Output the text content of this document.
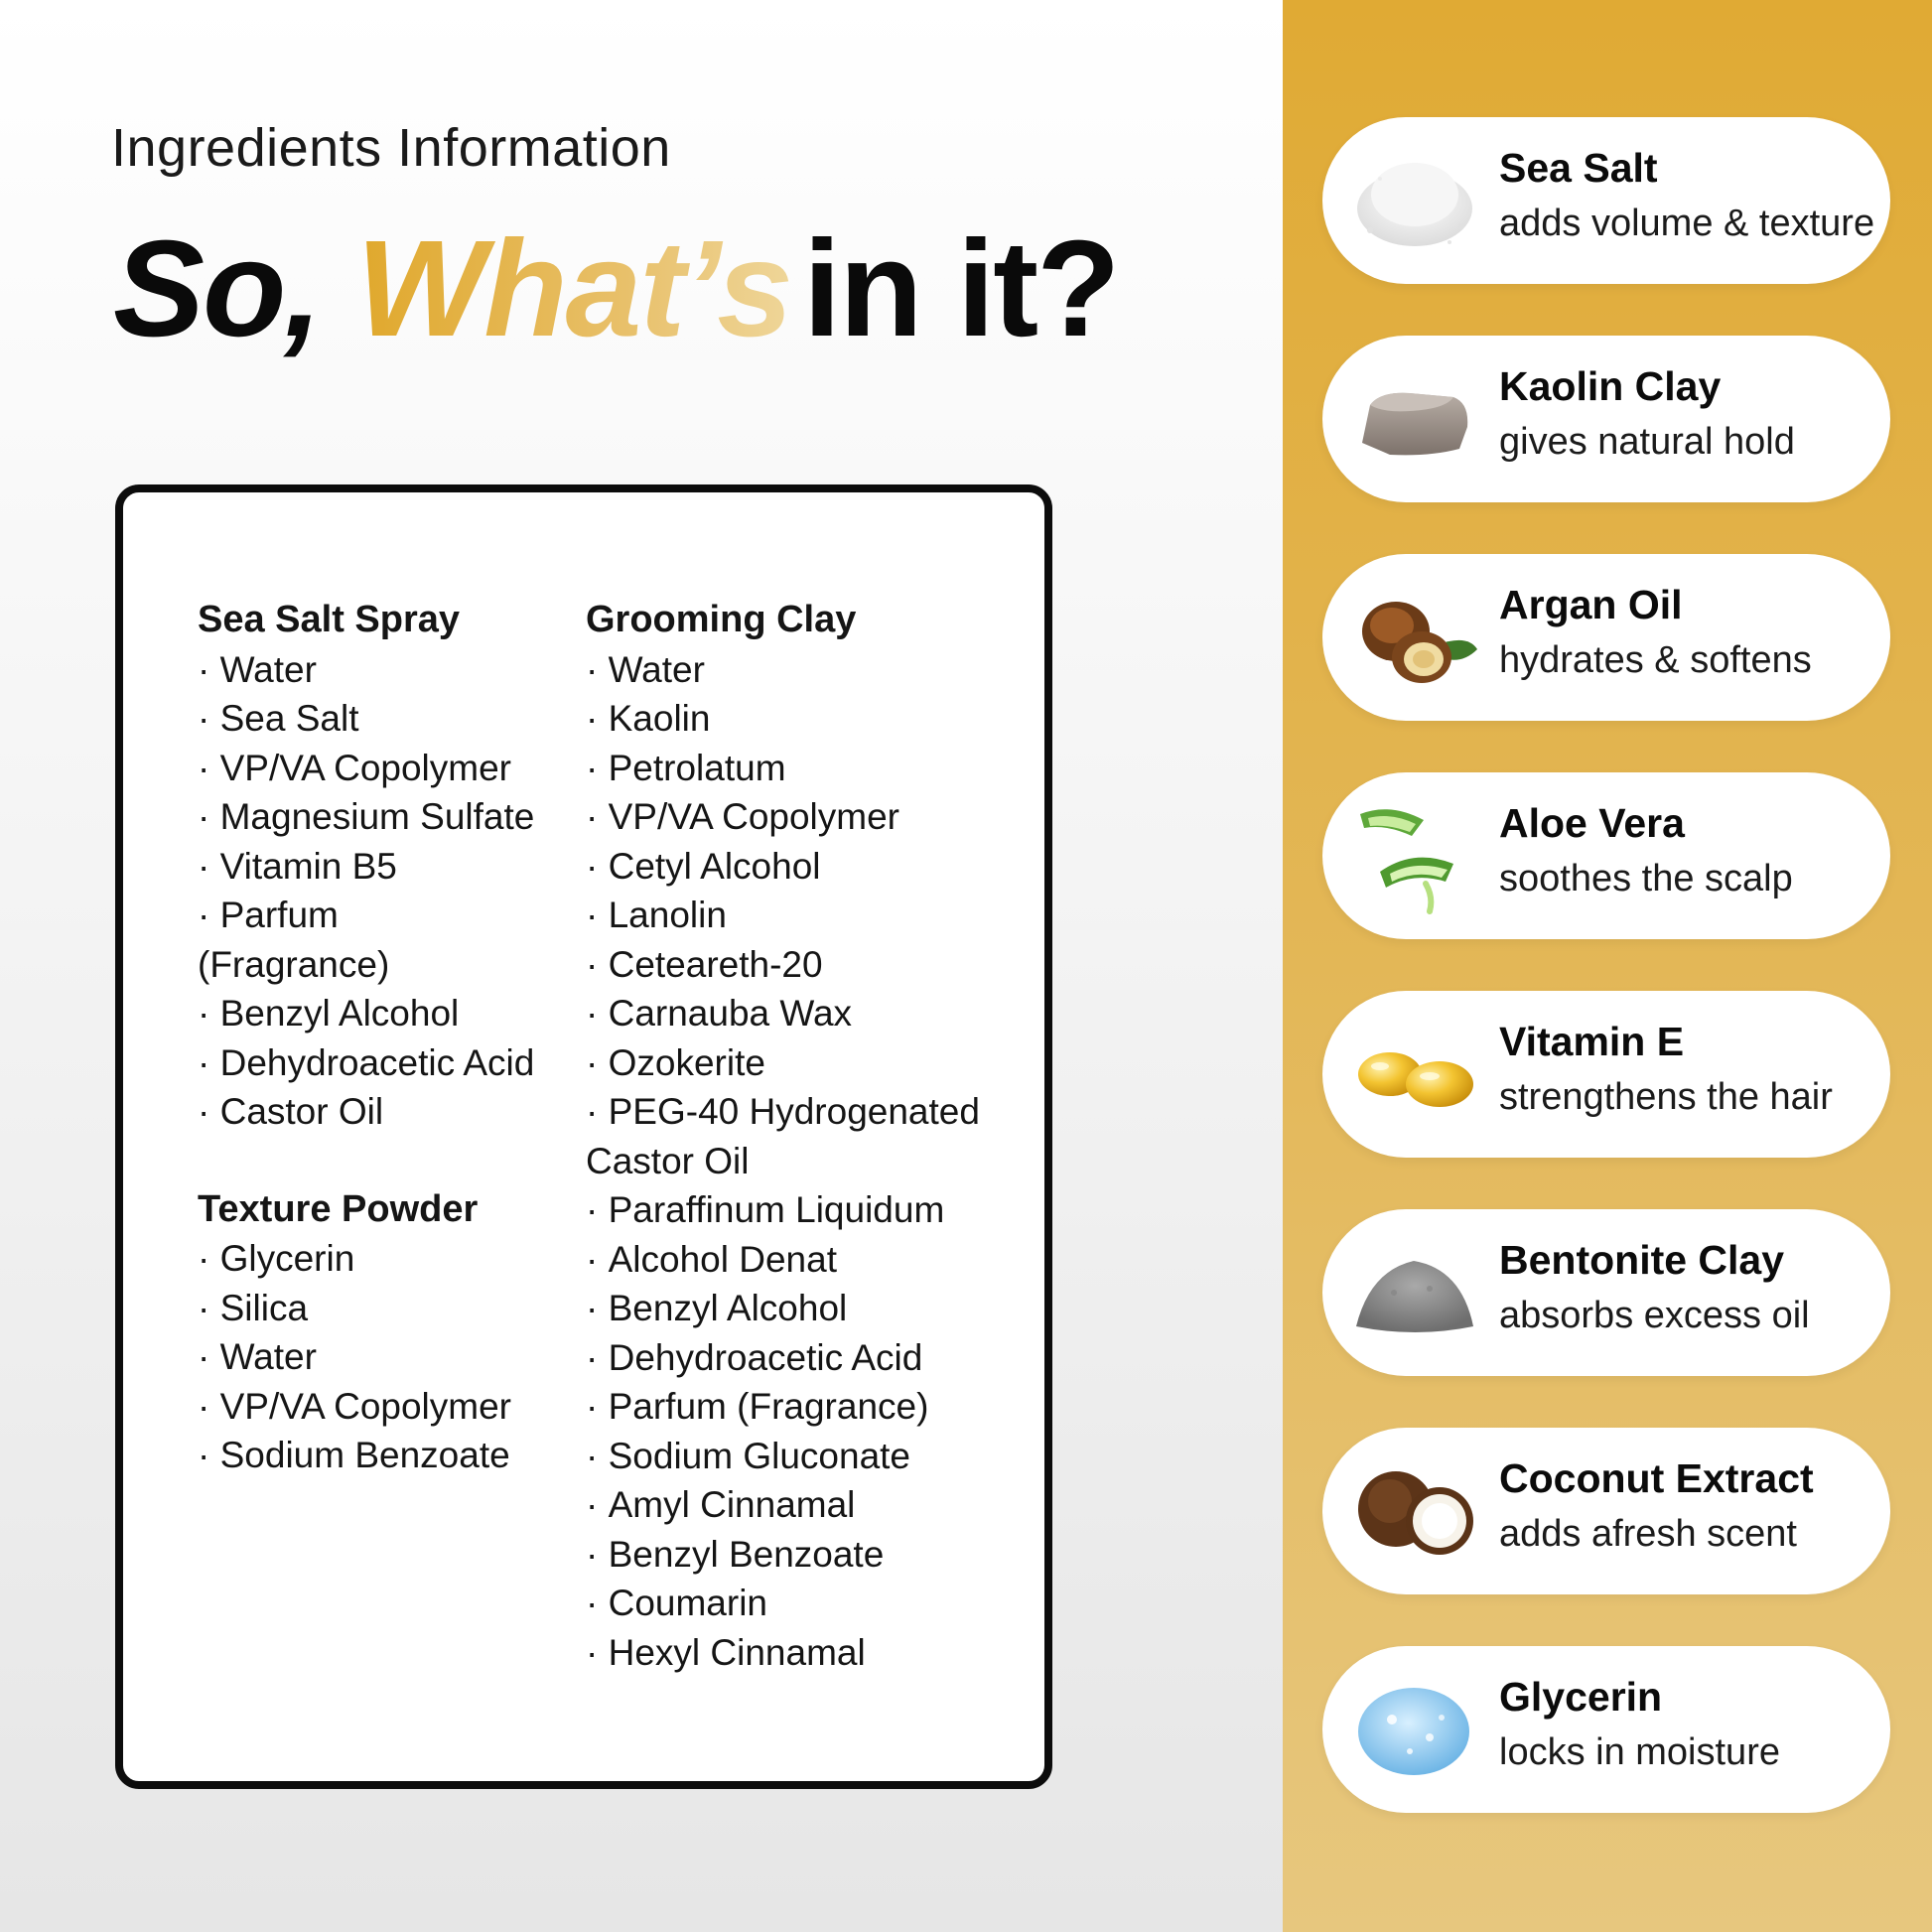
Ingredients Information
So, What’sin it?
Sea Salt Spray
· Water
· Sea Salt
· VP/VA Copolymer
· Magnesium Sulfate
· Vitamin B5
· Parfum (Fragrance)
· Benzyl Alcohol
· Dehydroacetic Acid
· Castor Oil
Texture Powder
· Glycerin
· Silica
· Water
· VP/VA Copolymer
· Sodium Benzoate
Grooming Clay
· Water
· Kaolin
· Petrolatum
· VP/VA Copolymer
· Cetyl Alcohol
· Lanolin
· Ceteareth-20
· Carnauba Wax
· Ozokerite
· PEG-40 Hydrogenated Castor Oil
· Paraffinum Liquidum
· Alcohol Denat
· Benzyl Alcohol
· Dehydroacetic Acid
· Parfum (Fragrance)
· Sodium Gluconate
· Amyl Cinnamal
· Benzyl Benzoate
· Coumarin
· Hexyl Cinnamal
Sea Salt
adds volume & texture
Kaolin Clay
gives natural hold
Argan Oil
hydrates & softens
Aloe Vera
soothes the scalp
Vitamin E
strengthens the hair
Bentonite Clay
absorbs excess oil
Coconut Extract
adds afresh scent
Glycerin
locks in moisture
